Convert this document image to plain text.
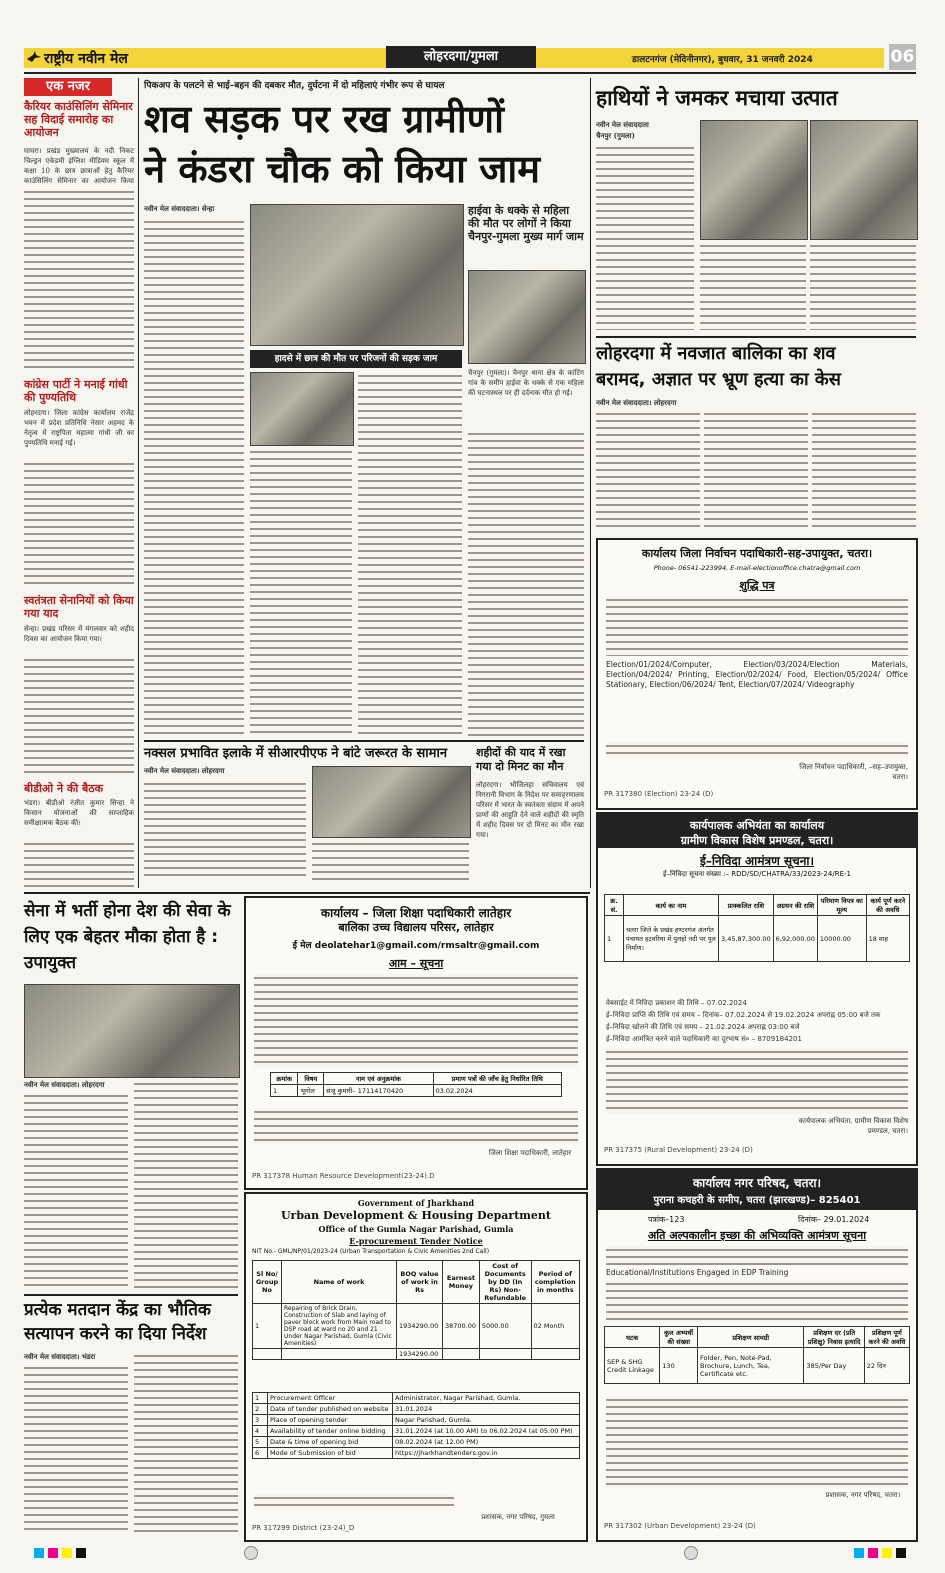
राष्ट्रीय नवीन मेल	लोहरदगा/गुमला	डालटनगंज (मेदिनीनगर), बुधवार, 31 जनवरी 2024	06
एक नजर
कैरियर काउंसिलिंग सेमिनार सह विदाई समारोह का आयोजन
घाघरा। प्रखंड मुख्यालय के नदी निकट चिल्ड्रन एकेडमी इंग्लिश मीडियम स्कूल में कक्षा 10 के छात्र छात्राओं हेतु कैरियर काउंसिलिंग सेमिनार का आयोजन किया
कांग्रेस पार्टी ने मनाई गांधी की पुण्यतिथि
लोहरदगा। जिला कांग्रेस कार्यालय राजेंद्र भवन में प्रदेश प्रतिनिधि नेसार अहमद के नेतृत्व में राष्ट्रपिता महात्मा गांधी जी का पुण्यतिथि मनाई गई।
स्वतंत्रता सेनानियों को किया गया याद
सेन्हा। प्रखंड परिसर में मंगलवार को शहीद दिवस का आयोजन किया गया।
बीडीओ ने की बैठक
भंडरा। बीडीओ रंजीत कुमार सिन्हा ने किसान योजनाओं की साप्ताहिक समीक्षात्मक बैठक की।
पिकअप के पलटने से भाई–बहन की दबकर मौत, दुर्घटना में दो महिलाएं गंभीर रूप से घायल
शव सड़क पर रख ग्रामीणों
ने कंडरा चौक को किया जाम
नवीन मेल संवाददाता। सेन्हा
हादसे में छात्र की मौत पर परिजनों की सड़क जाम
हाईवा के धक्के से महिला की मौत पर लोगों ने किया चैनपुर-गुमला मुख्य मार्ग जाम
चैनपुर (गुमला)। चैनपुर थाना क्षेत्र के कांटिंग गांव के समीप हाईवा के धक्के से एक महिला की घटनास्थल पर ही दर्दनाक मौत हो गई।
नक्सल प्रभावित इलाके में सीआरपीएफ ने बांटे जरूरत के सामान
नवीन मेल संवाददाता। लोहरदगा
शहीदों की याद में रखा गया दो मिनट का मौन
लोहरदगा। भौजिलहा सचिवालय एवं निगरानी विभाग के निदेश पर समाहरणालय परिसर में भारत के स्वतंत्रता संग्राम में अपने प्राणों की आहुति देने वाले शहीदों की स्मृति में शहीद दिवस पर दो मिनट का मौन रखा गया।
हाथियों ने जमकर मचाया उत्पात
नवीन मेल संवाददाता
चैनपुर (गुमला)
लोहरदगा में नवजात बालिका का शव
बरामद, अज्ञात पर भ्रूण हत्या का केस
नवीन मेल संवाददाता। लोहरदगा
कार्यालय जिला निर्वाचन पदाधिकारी-सह-उपायुक्त, चतरा।
Phone- 06541-223994, E-mail-electionoffice.chatra@gmail.com
शुद्धि पत्र
Election/01/2024/Computer, Election/03/2024/Election Materials, Election/04/2024/ Printing, Election/02/2024/ Food, Election/05/2024/ Office Stationary, Election/06/2024/ Tent, Election/07/2024/ Videography
जिला निर्वाचन पदाधिकारी, –सह–उपायुक्त, चतरा।
PR 317380 (Election) 23-24 (D)
कार्यपालक अभियंता का कार्यालय
ग्रामीण विकास विशेष प्रमण्डल, चतरा।
ई–निविदा आमंत्रण सूचना।
ई–निविदा सूचना संख्या :– RDD/SD/CHATRA/33/2023-24/RE-1
क्र. सं.	कार्य का नाम	प्राक्कलित राशि	अग्रधन की राशि	परिमाण विपत्र का मूल्य	कार्य पूर्ण करने की अवधि
1	चतरा जिले के प्रखंड हण्टरगंज अंतर्गत पंचायत हटवरिया में पुलहो नदी पर पुल निर्माण।	3,45,87,300.00	6,92,000.00	10000.00	18 माह
वेबसाईट में निविदा प्रकाशन की तिथि – 07.02.2024
ई–निविदा प्राप्ति की तिथि एवं समय – दिनांक– 07.02.2024 से 19.02.2024 अपराह्न 05:00 बजे तक
ई–निविदा खोलने की तिथि एवं समय – 21.02.2024 अपराह्न 03:00 बजे
ई–निविदा आमंत्रित करने वाले पदाधिकारी का दूरभाष सं० – 8709184201
कार्यपालक अभियंता, ग्रामीण विकास विशेष प्रमण्डल, चतरा।
PR 317375 (Rural Development) 23-24 (D)
सेना में भर्ती होना देश की सेवा के लिए एक बेहतर मौका होता है : उपायुक्त
नवीन मेल संवाददाता। लोहरदगा
प्रत्येक मतदान केंद्र का भौतिक सत्यापन करने का दिया निर्देश
नवीन मेल संवाददाता। भंडरा
कार्यालय – जिला शिक्षा पदाधिकारी लातेहार
बालिका उच्च विद्यालय परिसर, लातेहार
ई मेल deolatehar1@gmail.com/rmsaltr@gmail.com
आम – सूचना
क्रमांक	विषय	नाम एवं अनुक्रमांक	प्रमाण पत्रों की जाँच हेतु निर्धारित तिथि
1	भूगोल	संजू कुमारी– 17114170420	03.02.2024
जिला शिक्षा पदाधिकारी, लातेहार
PR 317378 Human Resource Development(23-24).D
Government of Jharkhand
Urban Development & Housing Department
Office of the Gumla Nagar Parishad, Gumla
E-procurement Tender Notice
NIT No.- GML/NP/01/2023-24 (Urban Transportation & Civic Amenities 2nd Call)
Sl No/ Group No	Name of work	BOQ value of work in Rs	Earnest Money	Cost of Documents by DD (In Rs) Non-Refundable	Period of completion in months
1	Repairing of Brick Drain, Construction of Slab and laying of paver block work from Main road to DSP road at ward no 20 and 21 Under Nagar Parishad, Gumla (Civic Amenities)	1934290.00	38700.00	5000.00	02 Month
		1934290.00			
1	Procurement Officer	Administrator, Nagar Parishad, Gumla.
2	Date of tender published on website	31.01.2024
3	Place of opening tender	Nagar Parishad, Gumla.
4	Availability of tender online bidding	31.01.2024 (at 10.00 AM) to 06.02.2024 (at 05:00 PM)
5	Date & time of opening bid	08.02.2024 (at 12.00 PM)
6	Mode of Submission of bid	https://jharkhandtenders.gov.in
प्रशासक, नगर परिषद, गुमला
PR 317299 District (23-24)_D
कार्यालय नगर परिषद, चतरा।
पुराना कचहरी के समीप, चतरा (झारखण्ड)– 825401
पत्रांक–123	दिनांक– 29.01.2024
अति अल्पकालीन इच्छा की अभिव्यक्ति आमंत्रण सूचना
Educational/Institutions Engaged in EDP Training
घटक	कुल अभ्यर्थी की संख्या	प्रशिक्षण सामग्री	प्रशिक्षण दर (प्रति प्रशिक्षु) निवास इत्यादि	प्रशिक्षण पूर्ण करने की अवधि
SEP & SHG Credit Linkage	130	Folder, Pen, Note-Pad, Brochure, Lunch, Tea, Certificate etc.	385/Per Day	22 दिन
प्रशासक, नगर परिषद, चतरा।
PR 317302 (Urban Development) 23-24 (D)
